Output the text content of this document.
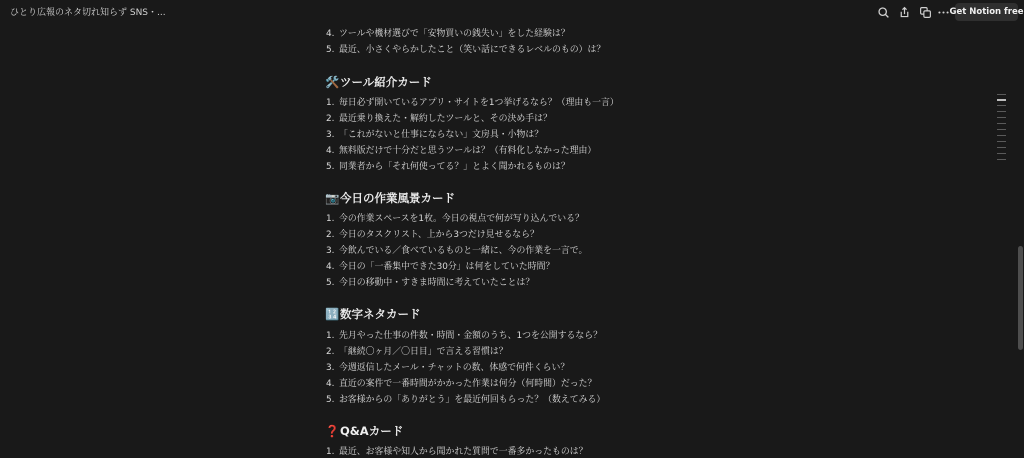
ひとり広報のネタ切れ知らず SNS・...	Get Notion free
4. ツールや機材選びで「安物買いの銭失い」をした経験は？
5. 最近、小さくやらかしたこと（笑い話にできるレベルのもの）は？
🛠️ツール紹介カード
1. 毎日必ず開いているアプリ・サイトを1つ挙げるなら？（理由も一言）
2. 最近乗り換えた・解約したツールと、その決め手は？
3. 「これがないと仕事にならない」文房具・小物は？
4. 無料版だけで十分だと思うツールは？（有料化しなかった理由）
5. 同業者から「それ何使ってる？」とよく聞かれるものは？
📷今日の作業風景カード
1. 今の作業スペースを1枚。今日の視点で何が写り込んでいる？
2. 今日のタスクリスト、上から3つだけ見せるなら？
3. 今飲んでいる／食べているものと一緒に、今の作業を一言で。
4. 今日の「一番集中できた30分」は何をしていた時間？
5. 今日の移動中・すきま時間に考えていたことは？
🔢数字ネタカード
1. 先月やった仕事の件数・時間・金額のうち、1つを公開するなら？
2. 「継続〇ヶ月／〇日目」で言える習慣は？
3. 今週返信したメール・チャットの数、体感で何件くらい？
4. 直近の案件で一番時間がかかった作業は何分（何時間）だった？
5. お客様からの「ありがとう」を最近何回もらった？（数えてみる）
❓Q&Aカード
1. 最近、お客様や知人から聞かれた質問で一番多かったものは？
